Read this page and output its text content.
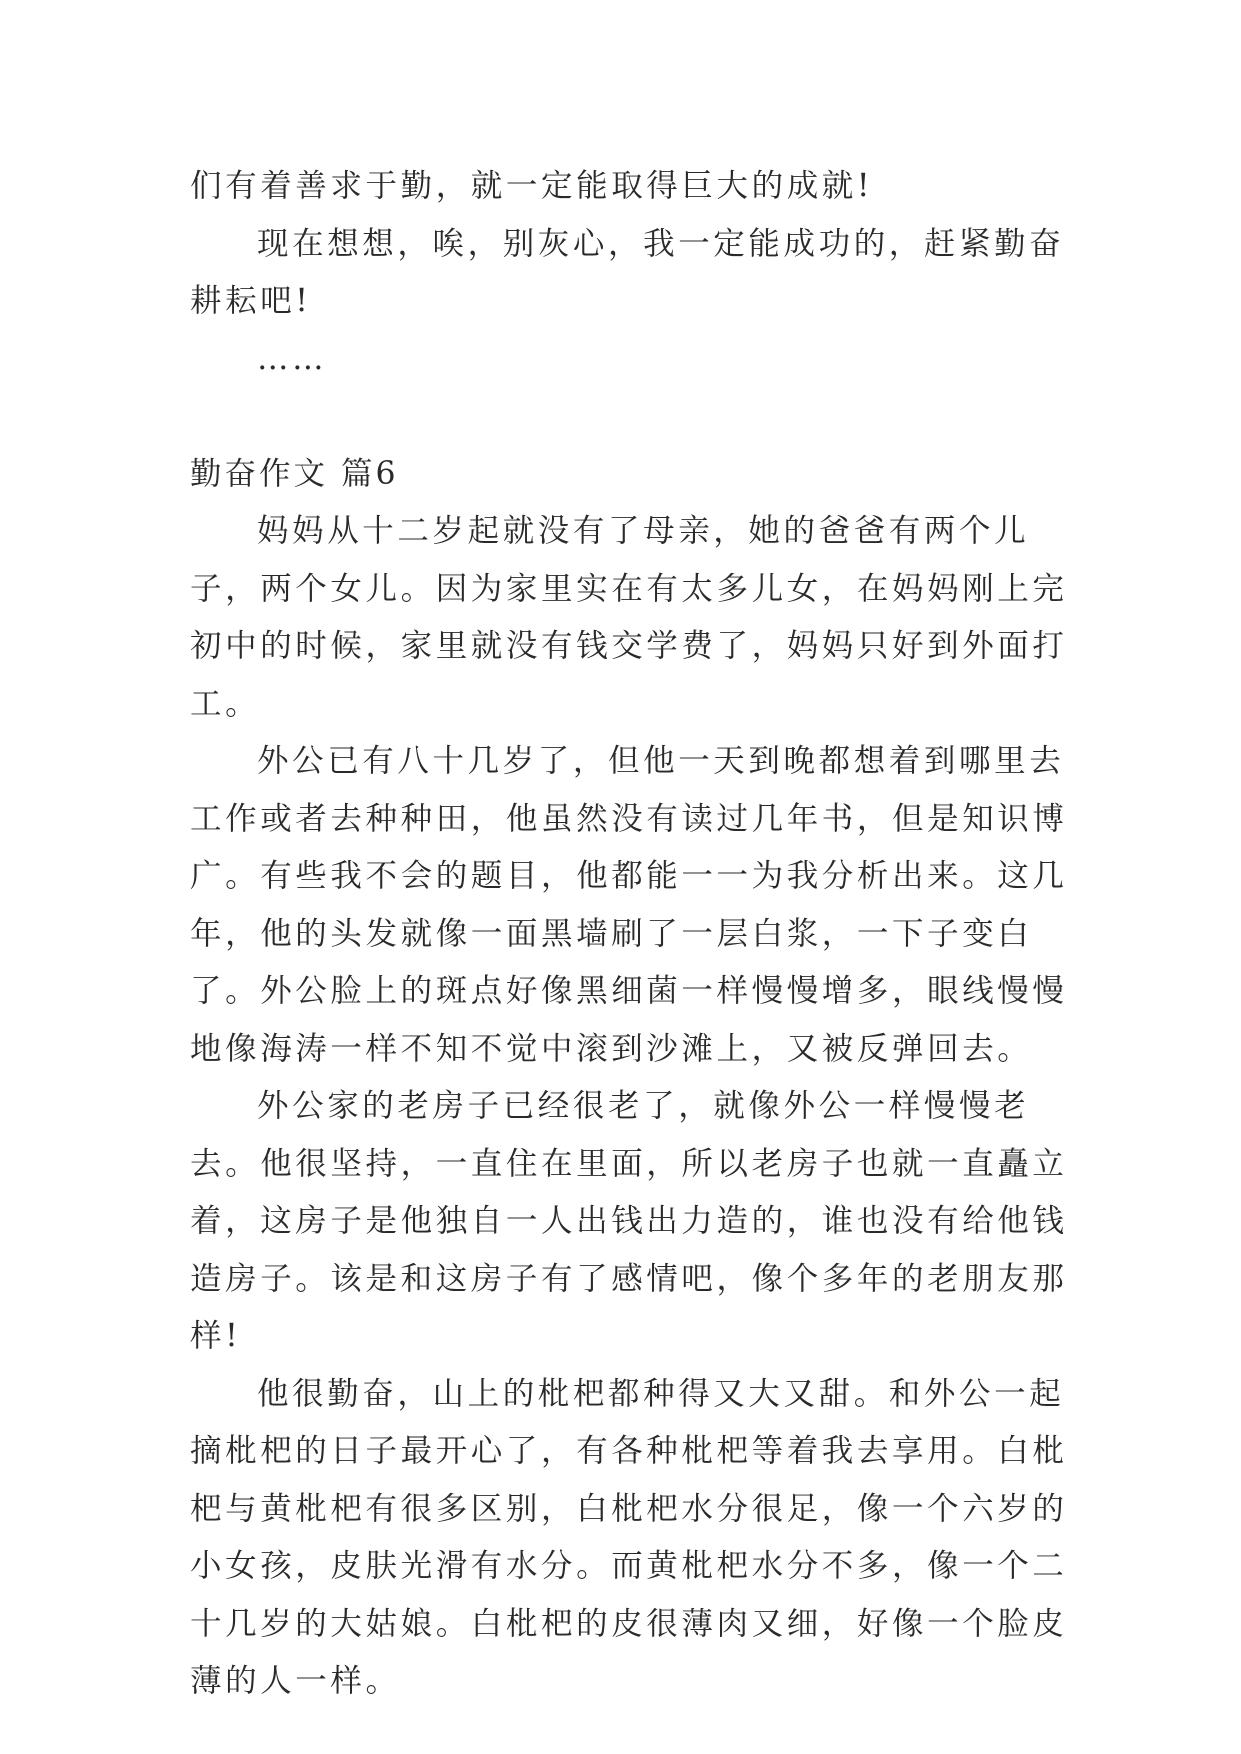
们有着善求于勤，就一定能取得巨大的成就!

现在想想，唉，别灰心，我一定能成功的，赶紧勤奋耕耘吧!

……

勤奋作文 篇6

妈妈从十二岁起就没有了母亲，她的爸爸有两个儿子，两个女儿。因为家里实在有太多儿女，在妈妈刚上完初中的时候，家里就没有钱交学费了，妈妈只好到外面打工。

外公已有八十几岁了，但他一天到晚都想着到哪里去工作或者去种种田，他虽然没有读过几年书，但是知识博广。有些我不会的题目，他都能一一为我分析出来。这几年，他的头发就像一面黑墙刷了一层白浆，一下子变白了。外公脸上的斑点好像黑细菌一样慢慢增多，眼线慢慢地像海涛一样不知不觉中滚到沙滩上，又被反弹回去。

外公家的老房子已经很老了，就像外公一样慢慢老去。他很坚持，一直住在里面，所以老房子也就一直矗立着，这房子是他独自一人出钱出力造的，谁也没有给他钱造房子。该是和这房子有了感情吧，像个多年的老朋友那样!

他很勤奋，山上的枇杷都种得又大又甜。和外公一起摘枇杷的日子最开心了，有各种枇杷等着我去享用。白枇杷与黄枇杷有很多区别，白枇杷水分很足，像一个六岁的小女孩，皮肤光滑有水分。而黄枇杷水分不多，像一个二十几岁的大姑娘。白枇杷的皮很薄肉又细，好像一个脸皮薄的人一样。
